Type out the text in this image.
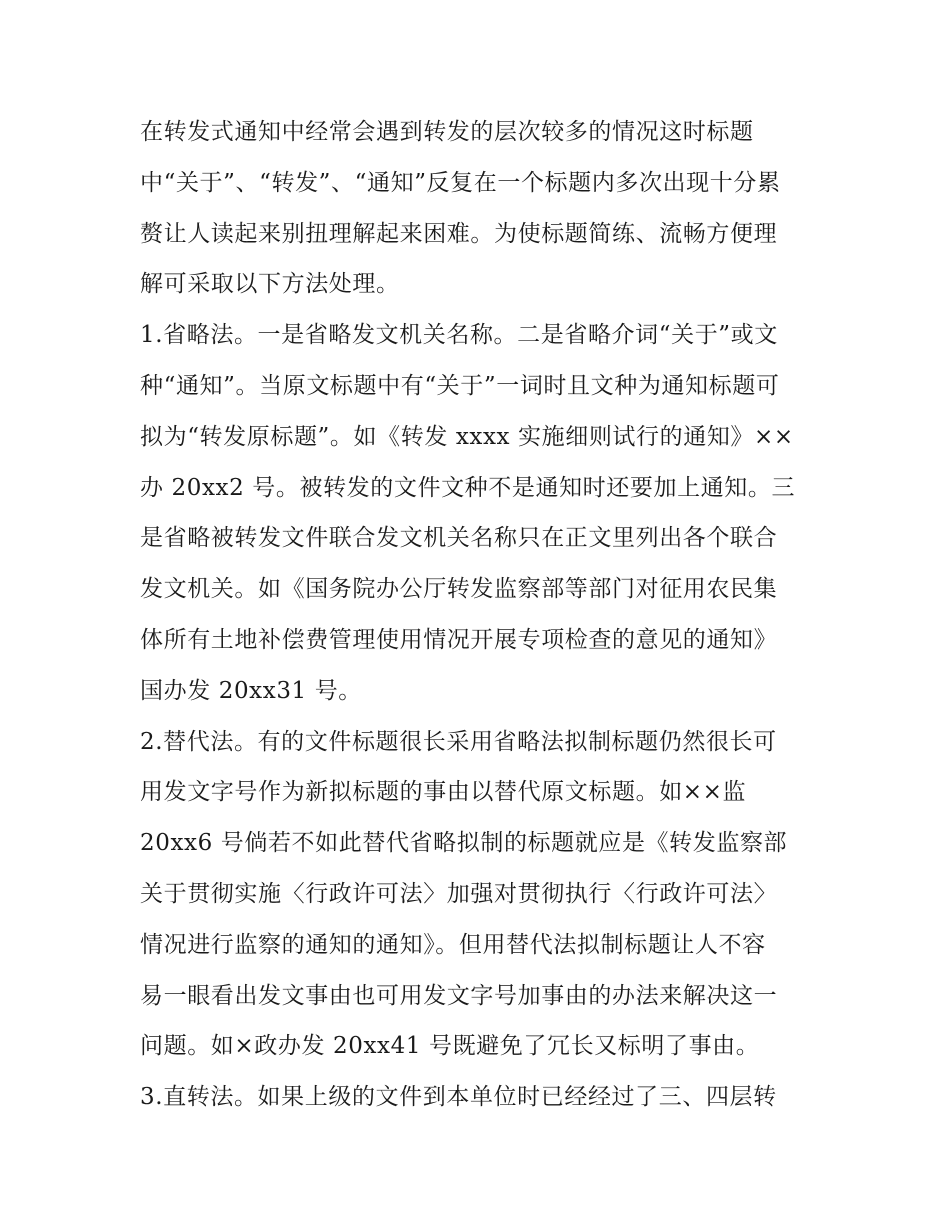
在转发式通知中经常会遇到转发的层次较多的情况这时标题
中“关于”、“转发”、“通知”反复在一个标题内多次出现十分累
赘让人读起来别扭理解起来困难。为使标题简练、流畅方便理
解可采取以下方法处理。
1.省略法。一是省略发文机关名称。二是省略介词“关于”或文
种“通知”。当原文标题中有“关于”一词时且文种为通知标题可
拟为“转发原标题”。如《转发 xxxx 实施细则试行的通知》××
办 20xx2 号。被转发的文件文种不是通知时还要加上通知。三
是省略被转发文件联合发文机关名称只在正文里列出各个联合
发文机关。如《国务院办公厅转发监察部等部门对征用农民集
体所有土地补偿费管理使用情况开展专项检查的意见的通知》
国办发 20xx31 号。
2.替代法。有的文件标题很长采用省略法拟制标题仍然很长可
用发文字号作为新拟标题的事由以替代原文标题。如××监
20xx6 号倘若不如此替代省略拟制的标题就应是《转发监察部
关于贯彻实施〈行政许可法〉加强对贯彻执行〈行政许可法〉
情况进行监察的通知的通知》。但用替代法拟制标题让人不容
易一眼看出发文事由也可用发文字号加事由的办法来解决这一
问题。如×政办发 20xx41 号既避免了冗长又标明了事由。
3.直转法。如果上级的文件到本单位时已经经过了三、四层转
